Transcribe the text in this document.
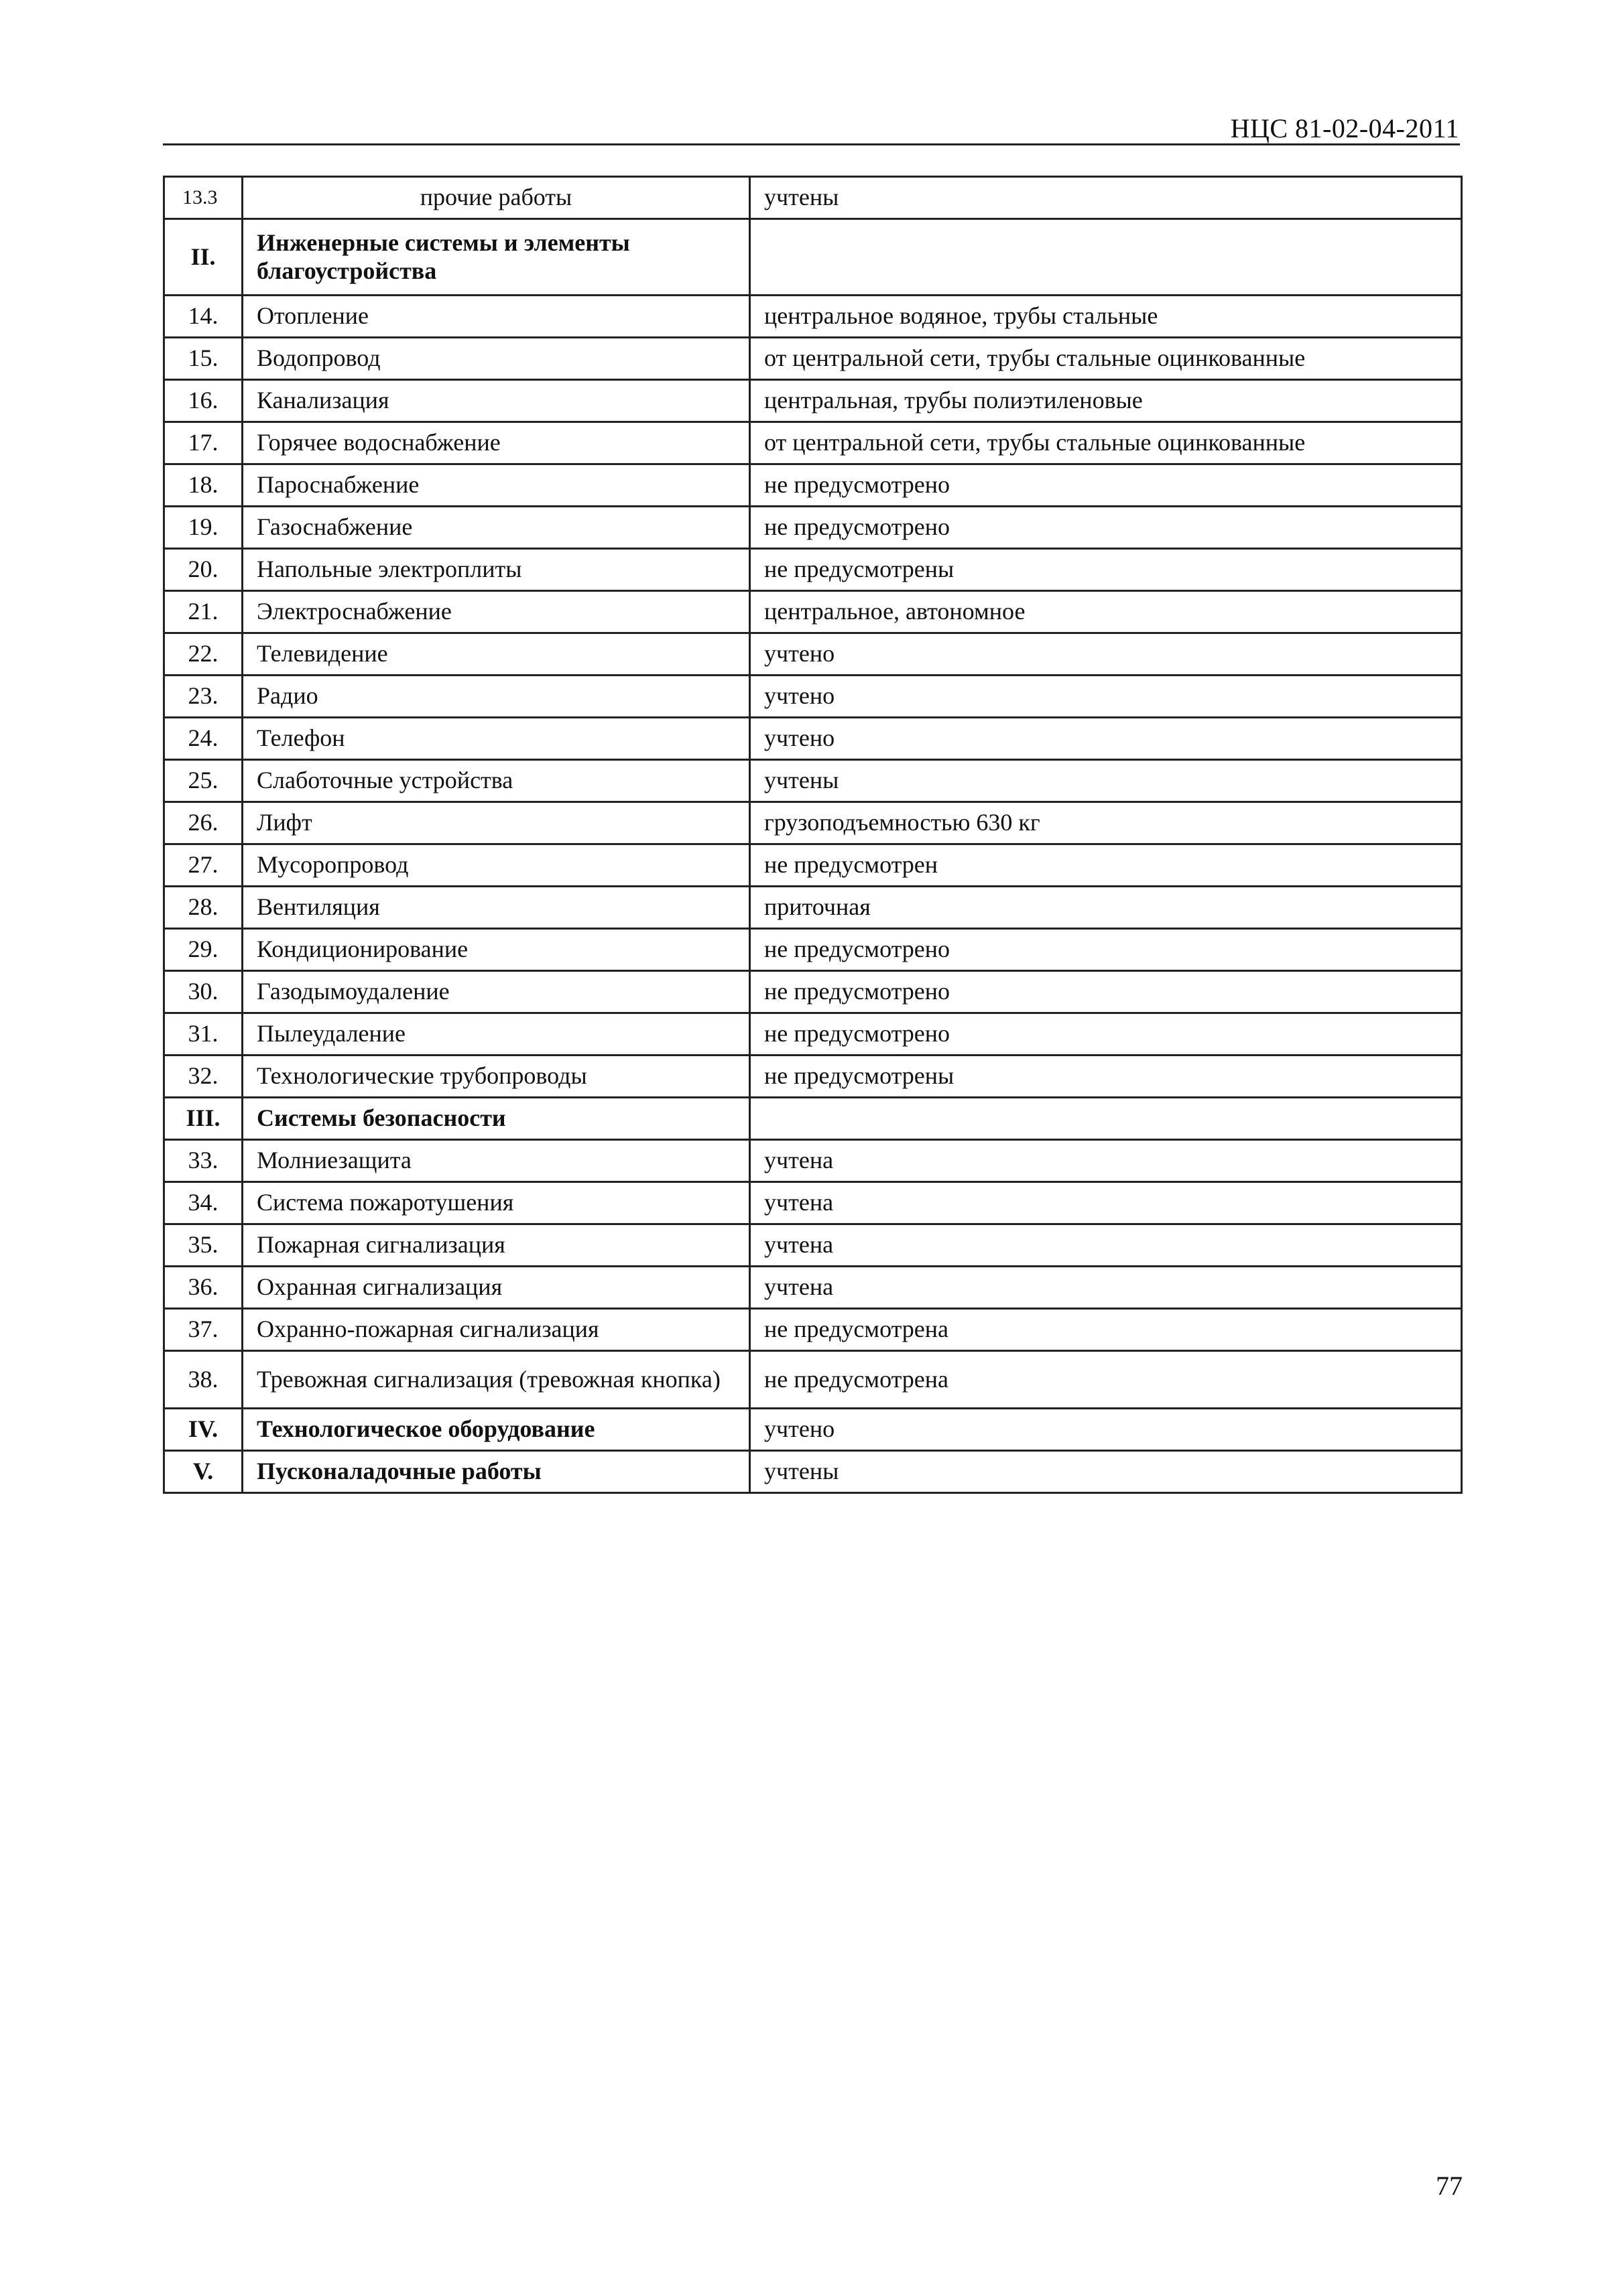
НЦС 81-02-04-2011
13.3	прочие работы	учтены
II.	Инженерные системы и элементы благоустройства	
14.	Отопление	центральное водяное, трубы стальные
15.	Водопровод	от центральной сети, трубы стальные оцинкованные
16.	Канализация	центральная, трубы полиэтиленовые
17.	Горячее водоснабжение	от центральной сети, трубы стальные оцинкованные
18.	Пароснабжение	не предусмотрено
19.	Газоснабжение	не предусмотрено
20.	Напольные электроплиты	не предусмотрены
21.	Электроснабжение	центральное, автономное
22.	Телевидение	учтено
23.	Радио	учтено
24.	Телефон	учтено
25.	Слаботочные устройства	учтены
26.	Лифт	грузоподъемностью 630 кг
27.	Мусоропровод	не предусмотрен
28.	Вентиляция	приточная
29.	Кондиционирование	не предусмотрено
30.	Газодымоудаление	не предусмотрено
31.	Пылеудаление	не предусмотрено
32.	Технологические трубопроводы	не предусмотрены
III.	Системы безопасности	
33.	Молниезащита	учтена
34.	Система пожаротушения	учтена
35.	Пожарная сигнализация	учтена
36.	Охранная сигнализация	учтена
37.	Охранно-пожарная сигнализация	не предусмотрена
38.	Тревожная сигнализация (тревожная кнопка)	не предусмотрена
IV.	Технологическое оборудование	учтено
V.	Пусконаладочные работы	учтены
77
